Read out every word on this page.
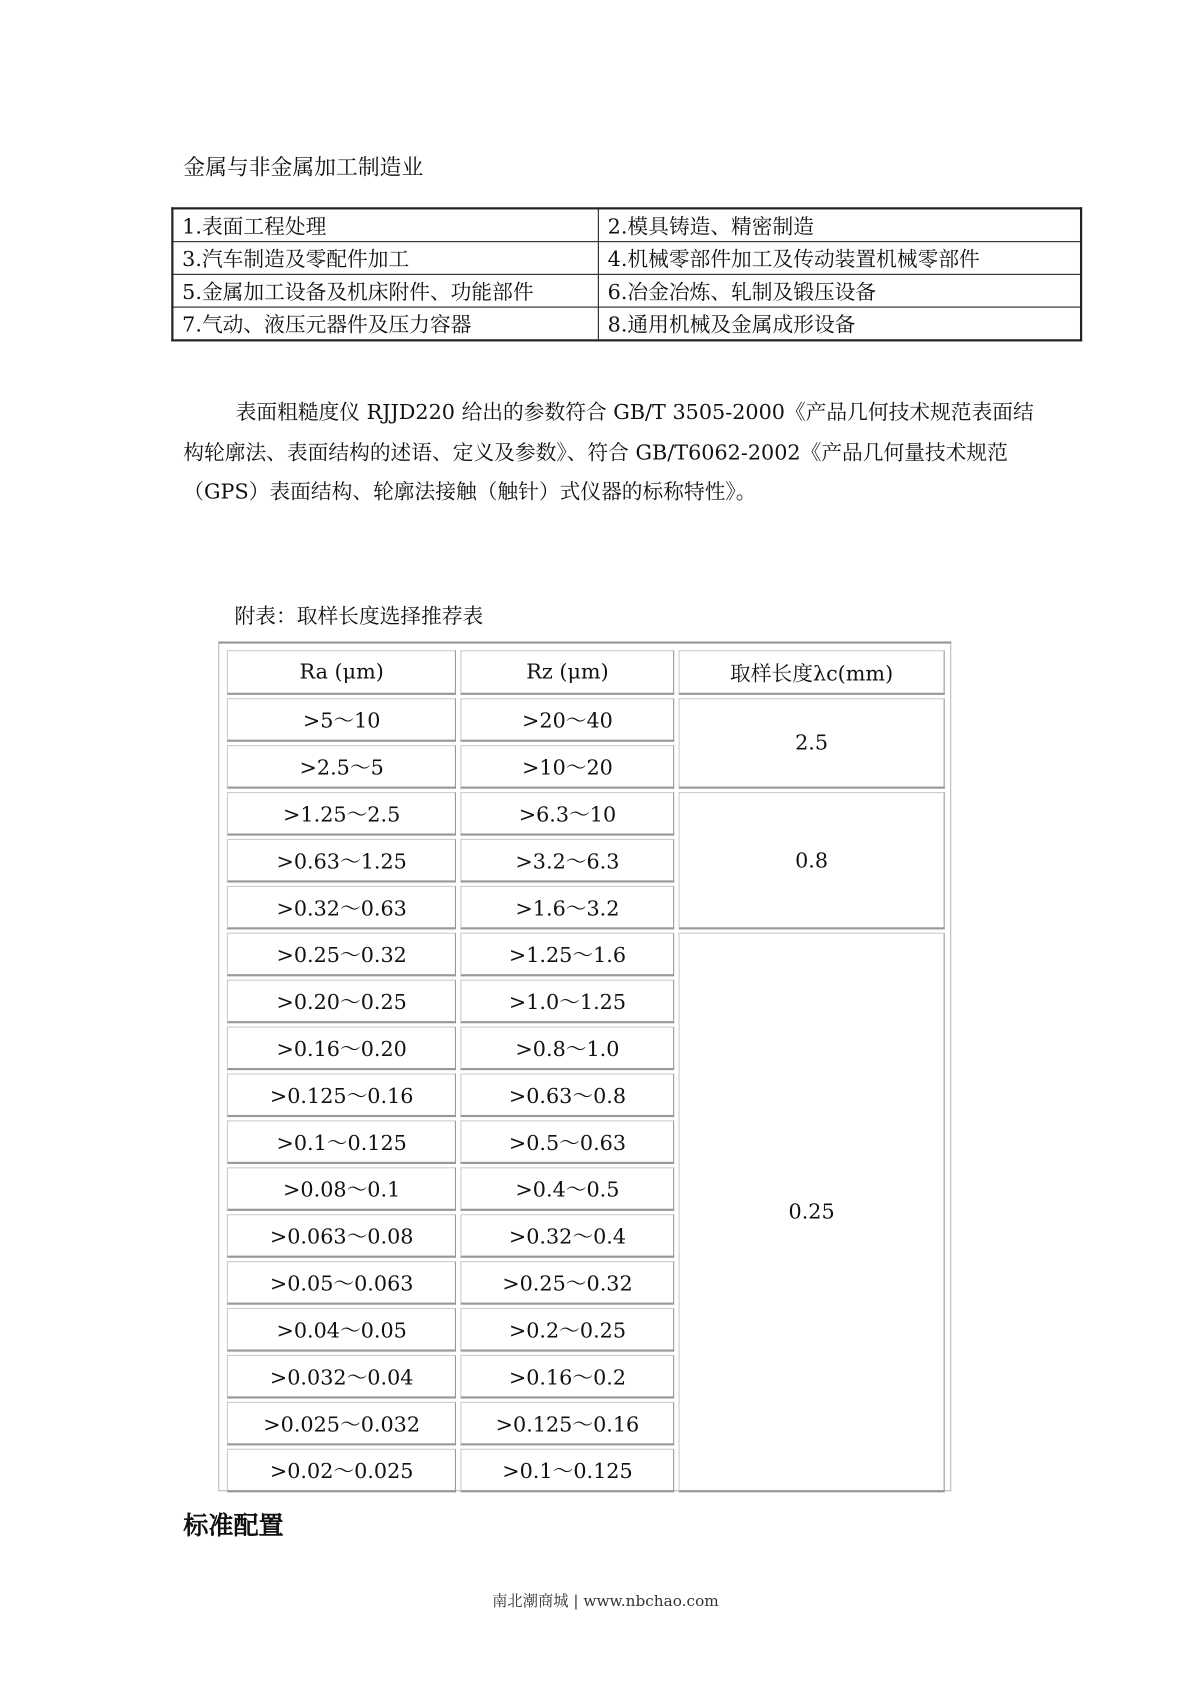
金属与非金属加工制造业
1.表面工程处理	2.模具铸造、精密制造
3.汽车制造及零配件加工	4.机械零部件加工及传动装置机械零部件
5.金属加工设备及机床附件、功能部件	6.冶金冶炼、轧制及锻压设备
7.气动、液压元器件及压力容器	8.通用机械及金属成形设备
表面粗糙度仪 RJJD220 给出的参数符合 GB/T 3505-2000《产品几何技术规范表面结构轮廓法、表面结构的述语、定义及参数》、符合 GB/T6062-2002《产品几何量技术规范（GPS）表面结构、轮廓法接触（触针）式仪器的标称特性》。
附表：取样长度选择推荐表
Ra (μm)	Rz (μm)	取样长度λc(mm)
>5～10	>20～40	2.5
>2.5～5	>10～20	
>1.25～2.5	>6.3～10	0.8
>0.63～1.25	>3.2～6.3	
>0.32～0.63	>1.6～3.2	
>0.25～0.32	>1.25～1.6	0.25
>0.20～0.25	>1.0～1.25	
>0.16～0.20	>0.8～1.0	
>0.125～0.16	>0.63～0.8	
>0.1～0.125	>0.5～0.63	
>0.08～0.1	>0.4～0.5	
>0.063～0.08	>0.32～0.4	
>0.05～0.063	>0.25～0.32	
>0.04～0.05	>0.2～0.25	
>0.032～0.04	>0.16～0.2	
>0.025～0.032	>0.125～0.16	
>0.02～0.025	>0.1～0.125	
标准配置
南北潮商城 | www.nbchao.com
